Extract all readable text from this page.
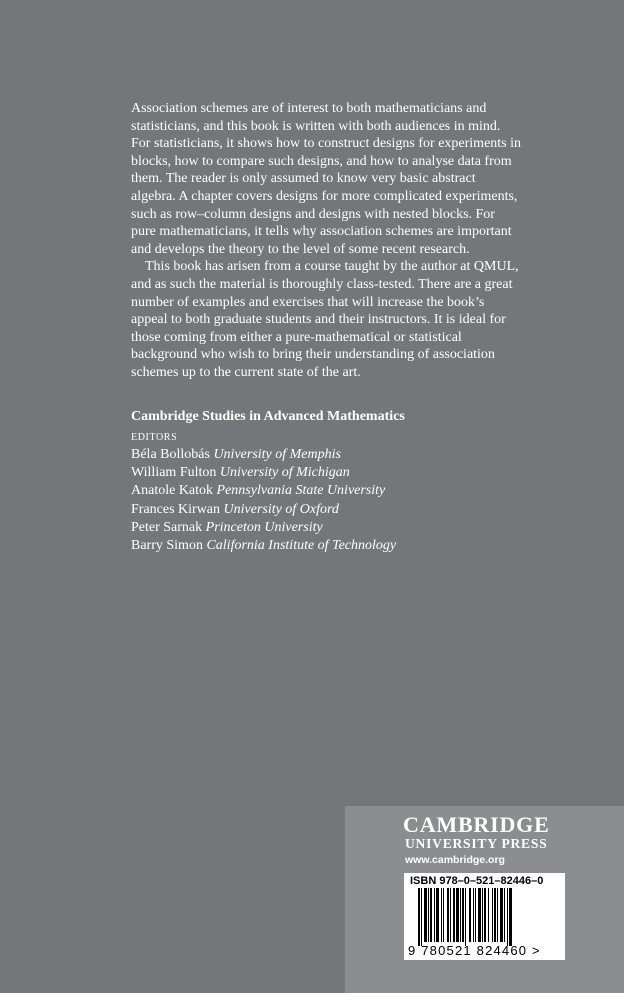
Association schemes are of interest to both mathematicians and statisticians, and this book is written with both audiences in mind. For statisticians, it shows how to construct designs for experiments in blocks, how to compare such designs, and how to analyse data from them. The reader is only assumed to know very basic abstract algebra. A chapter covers designs for more complicated experiments, such as row–column designs and designs with nested blocks. For pure mathematicians, it tells why association schemes are important and develops the theory to the level of some recent research.

This book has arisen from a course taught by the author at QMUL, and as such the material is thoroughly class-tested. There are a great number of examples and exercises that will increase the book’s appeal to both graduate students and their instructors. It is ideal for those coming from either a pure-mathematical or statistical background who wish to bring their understanding of association schemes up to the current state of the art.

Cambridge Studies in Advanced Mathematics
EDITORS
Béla Bollobás University of Memphis
William Fulton University of Michigan
Anatole Katok Pennsylvania State University
Frances Kirwan University of Oxford
Peter Sarnak Princeton University
Barry Simon California Institute of Technology
CAMBRIDGE
UNIVERSITY PRESS
www.cambridge.org
ISBN 978–0–521–82446–0
9 780521 824460 >
